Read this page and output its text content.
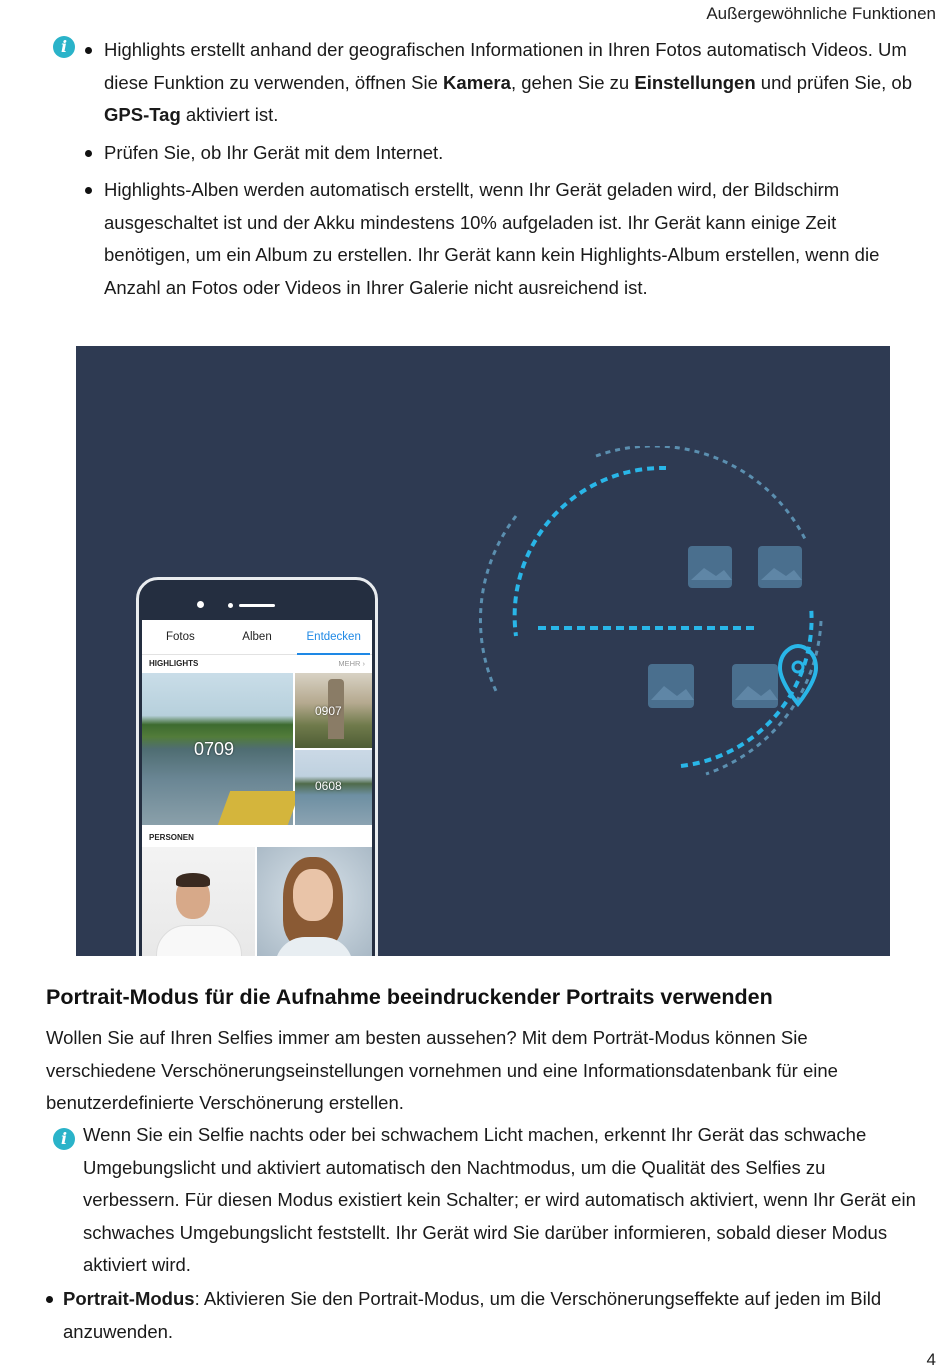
Außergewöhnliche Funktionen
i	Highlights erstellt anhand der geografischen Informationen in Ihren Fotos automatisch Videos. Um diese Funktion zu verwenden, öffnen Sie Kamera, gehen Sie zu Einstellungen und prüfen Sie, ob GPS-Tag aktiviert ist.
Prüfen Sie, ob Ihr Gerät mit dem Internet.
Highlights-Alben werden automatisch erstellt, wenn Ihr Gerät geladen wird, der Bildschirm ausgeschaltet ist und der Akku mindestens 10% aufgeladen ist. Ihr Gerät kann einige Zeit benötigen, um ein Album zu erstellen. Ihr Gerät kann kein Highlights-Album erstellen, wenn die Anzahl an Fotos oder Videos in Ihrer Galerie nicht ausreichend ist.
Fotos	Alben	Entdecken
HIGHLIGHTS	MEHR ›
0709
0907
0608
PERSONEN
Portrait-Modus für die Aufnahme beeindruckender Portraits verwenden

Wollen Sie auf Ihren Selfies immer am besten aussehen? Mit dem Porträt-Modus können Sie verschiedene Verschönerungseinstellungen vornehmen und eine Informationsdatenbank für eine benutzerdefinierte Verschönerung erstellen.

i Wenn Sie ein Selfie nachts oder bei schwachem Licht machen, erkennt Ihr Gerät das schwache Umgebungslicht und aktiviert automatisch den Nachtmodus, um die Qualität des Selfies zu verbessern. Für diesen Modus existiert kein Schalter; er wird automatisch aktiviert, wenn Ihr Gerät ein schwaches Umgebungslicht feststellt. Ihr Gerät wird Sie darüber informieren, sobald dieser Modus aktiviert wird.

Portrait-Modus: Aktivieren Sie den Portrait-Modus, um die Verschönerungseffekte auf jeden im Bild anzuwenden.
4
